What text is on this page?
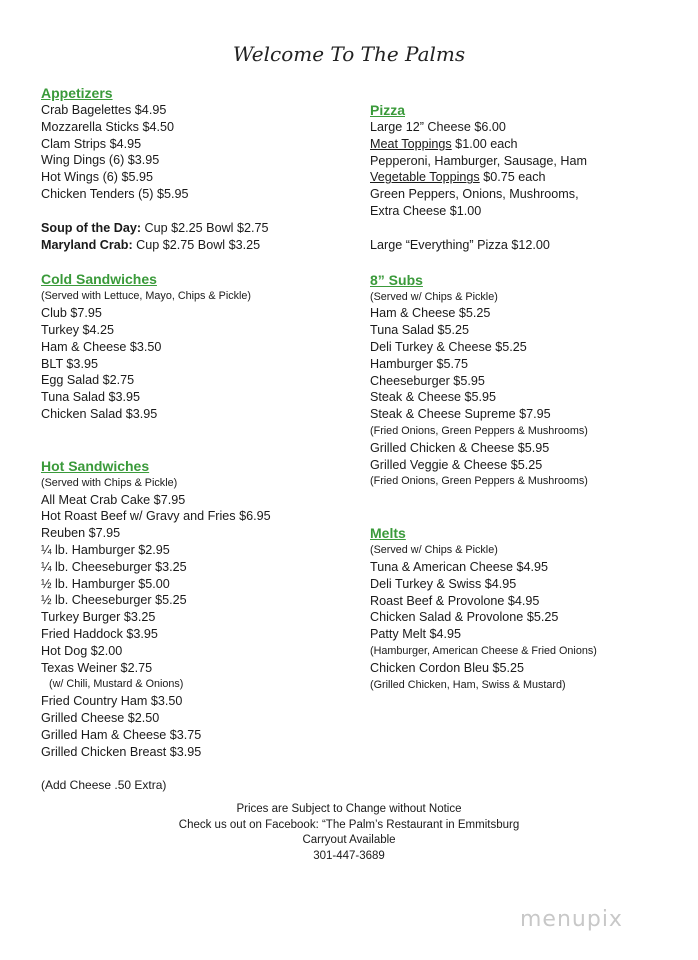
Welcome To The Palms
Appetizers
Crab Bagelettes $4.95
Mozzarella Sticks $4.50
Clam Strips $4.95
Wing Dings (6) $3.95
Hot Wings (6) $5.95
Chicken Tenders (5) $5.95
Soup of the Day: Cup $2.25 Bowl $2.75
Maryland Crab: Cup $2.75 Bowl $3.25
Cold Sandwiches
(Served with Lettuce, Mayo, Chips & Pickle)
Club $7.95
Turkey $4.25
Ham & Cheese $3.50
BLT $3.95
Egg Salad $2.75
Tuna Salad $3.95
Chicken Salad $3.95
Hot Sandwiches
(Served with Chips & Pickle)
All Meat Crab Cake $7.95
Hot Roast Beef w/ Gravy and Fries $6.95
Reuben $7.95
¼ lb. Hamburger $2.95
¼ lb. Cheeseburger $3.25
½ lb. Hamburger $5.00
½ lb. Cheeseburger $5.25
Turkey Burger $3.25
Fried Haddock $3.95
Hot Dog $2.00
Texas Weiner $2.75
(w/ Chili, Mustard & Onions)
Fried Country Ham $3.50
Grilled Cheese $2.50
Grilled Ham & Cheese $3.75
Grilled Chicken Breast $3.95
(Add Cheese .50 Extra)
Pizza
Large 12” Cheese $6.00
Meat Toppings $1.00 each
Pepperoni, Hamburger, Sausage, Ham
Vegetable Toppings $0.75 each
Green Peppers, Onions, Mushrooms,
Extra Cheese $1.00
Large “Everything” Pizza $12.00
8” Subs
(Served w/ Chips & Pickle)
Ham & Cheese $5.25
Tuna Salad $5.25
Deli Turkey & Cheese $5.25
Hamburger $5.75
Cheeseburger $5.95
Steak & Cheese $5.95
Steak & Cheese Supreme $7.95
(Fried Onions, Green Peppers & Mushrooms)
Grilled Chicken & Cheese $5.95
Grilled Veggie & Cheese $5.25
(Fried Onions, Green Peppers & Mushrooms)
Melts
(Served w/ Chips & Pickle)
Tuna & American Cheese $4.95
Deli Turkey & Swiss $4.95
Roast Beef & Provolone $4.95
Chicken Salad & Provolone $5.25
Patty Melt $4.95
(Hamburger, American Cheese & Fried Onions)
Chicken Cordon Bleu $5.25
(Grilled Chicken, Ham, Swiss & Mustard)
Prices are Subject to Change without Notice
Check us out on Facebook: “The Palm’s Restaurant in Emmitsburg
Carryout Available
301-447-3689
menupix
